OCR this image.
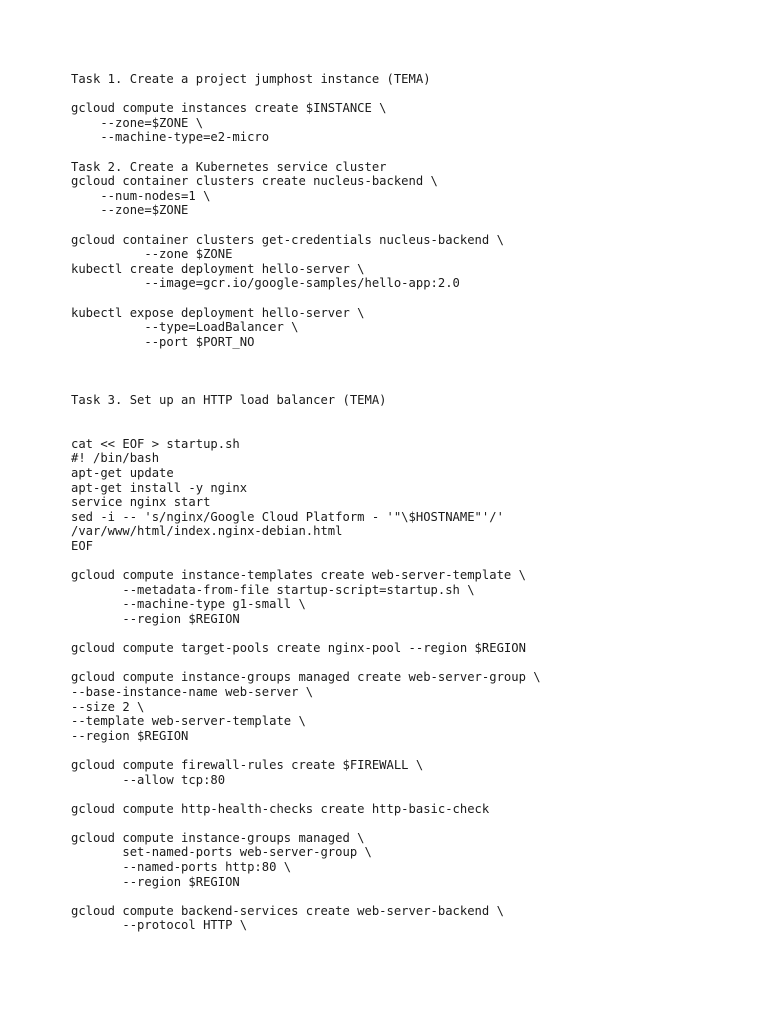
Task 1. Create a project jumphost instance (TEMA)
gcloud compute instances create $INSTANCE \
--zone=$ZONE \
--machine-type=e2-micro
Task 2. Create a Kubernetes service cluster
gcloud container clusters create nucleus-backend \
--num-nodes=1 \
--zone=$ZONE
gcloud container clusters get-credentials nucleus-backend \
--zone $ZONE
kubectl create deployment hello-server \
--image=gcr.io/google-samples/hello-app:2.0
kubectl expose deployment hello-server \
--type=LoadBalancer \
--port $PORT_NO
Task 3. Set up an HTTP load balancer (TEMA)
cat << EOF > startup.sh
#! /bin/bash
apt-get update
apt-get install -y nginx
service nginx start
sed -i -- 's/nginx/Google Cloud Platform - '"\$HOSTNAME"'/'
/var/www/html/index.nginx-debian.html
EOF
gcloud compute instance-templates create web-server-template \
--metadata-from-file startup-script=startup.sh \
--machine-type g1-small \
--region $REGION
gcloud compute target-pools create nginx-pool --region $REGION
gcloud compute instance-groups managed create web-server-group \
--base-instance-name web-server \
--size 2 \
--template web-server-template \
--region $REGION
gcloud compute firewall-rules create $FIREWALL \
--allow tcp:80
gcloud compute http-health-checks create http-basic-check
gcloud compute instance-groups managed \
set-named-ports web-server-group \
--named-ports http:80 \
--region $REGION
gcloud compute backend-services create web-server-backend \
--protocol HTTP \
